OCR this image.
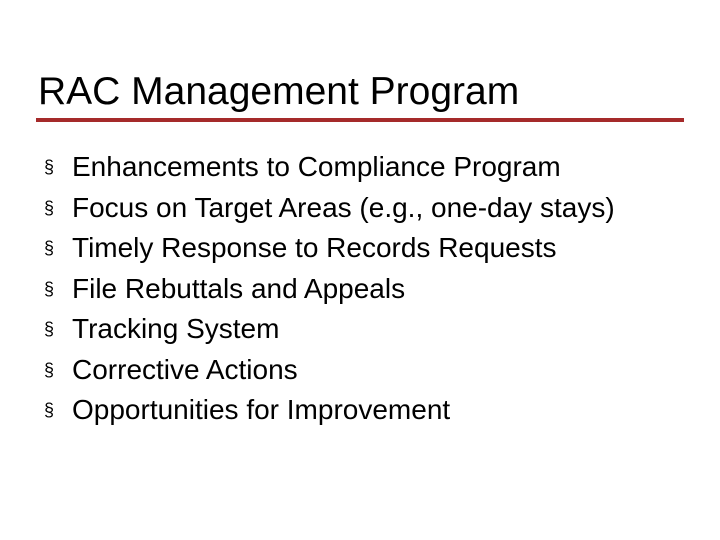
RAC Management Program
§ Enhancements to Compliance Program
§ Focus on Target Areas (e.g., one-day stays)
§ Timely Response to Records Requests
§ File Rebuttals and Appeals
§ Tracking System
§ Corrective Actions
§ Opportunities for Improvement
